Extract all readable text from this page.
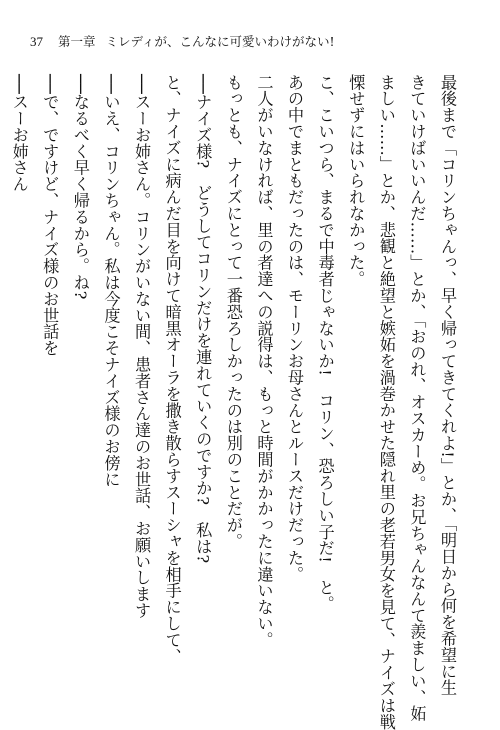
37	第一章 ミレディが、こんなに可愛いわけがない!
最後まで「コリンちゃんっ、早く帰ってきてくれよ!」とか、「明日から何を希望に生
きていけばいいんだ……」とか、「おのれ、オスカーめ。お兄ちゃんなんて羨ましい、妬
ましい……」とか、悲観と絶望と嫉妬を渦巻かせた隠れ里の老若男女を見て、ナイズは戦
慄せずにはいられなかった。
こ、こいつら、まるで中毒者じゃないか!　コリン、恐ろしい子だ!　と。
あの中でまともだったのは、モーリンお母さんとルースだけだった。
二人がいなければ、里の者達への説得は、もっと時間がかかったに違いない。
もっとも、ナイズにとって一番恐ろしかったのは別のことだが。
──ナイズ様?　どうしてコリンだけを連れていくのですか?　私は?
と、ナイズに病んだ目を向けて暗黒オーラを撒き散らすスーシャを相手にして、
──スーお姉さん。コリンがいない間、患者さん達のお世話、お願いします
──いえ、コリンちゃん。私は今度こそナイズ様のお傍に
──なるべく早く帰るから。ね?
──で、ですけど、ナイズ様のお世話を
──スーお姉さん
